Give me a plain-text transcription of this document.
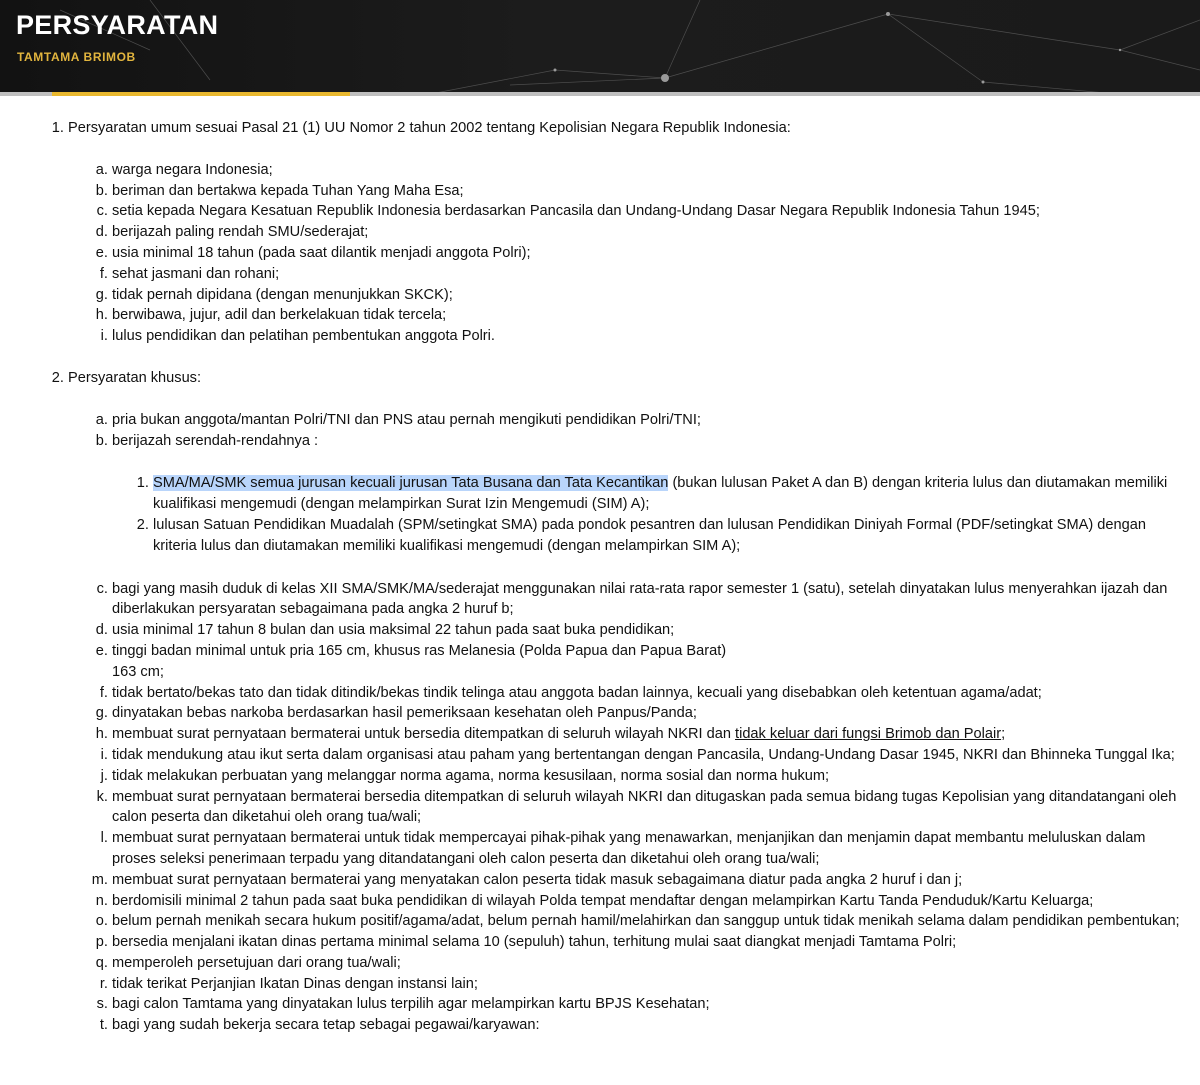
PERSYARATAN
TAMTAMA BRIMOB

1. Persyaratan umum sesuai Pasal 21 (1) UU Nomor 2 tahun 2002 tentang Kepolisian Negara Republik Indonesia:

a. warga negara Indonesia;
b. beriman dan bertakwa kepada Tuhan Yang Maha Esa;
c. setia kepada Negara Kesatuan Republik Indonesia berdasarkan Pancasila dan Undang-Undang Dasar Negara Republik Indonesia Tahun 1945;
d. berijazah paling rendah SMU/sederajat;
e. usia minimal 18 tahun (pada saat dilantik menjadi anggota Polri);
f. sehat jasmani dan rohani;
g. tidak pernah dipidana (dengan menunjukkan SKCK);
h. berwibawa, jujur, adil dan berkelakuan tidak tercela;
i. lulus pendidikan dan pelatihan pembentukan anggota Polri.

2. Persyaratan khusus:

a. pria bukan anggota/mantan Polri/TNI dan PNS atau pernah mengikuti pendidikan Polri/TNI;
b. berijazah serendah-rendahnya :
1. SMA/MA/SMK semua jurusan kecuali jurusan Tata Busana dan Tata Kecantikan (bukan lulusan Paket A dan B) dengan kriteria lulus dan diutamakan memiliki kualifikasi mengemudi (dengan melampirkan Surat Izin Mengemudi (SIM) A);
2. lulusan Satuan Pendidikan Muadalah (SPM/setingkat SMA) pada pondok pesantren dan lulusan Pendidikan Diniyah Formal (PDF/setingkat SMA) dengan kriteria lulus dan diutamakan memiliki kualifikasi mengemudi (dengan melampirkan SIM A);
c. bagi yang masih duduk di kelas XII SMA/SMK/MA/sederajat menggunakan nilai rata-rata rapor semester 1 (satu), setelah dinyatakan lulus menyerahkan ijazah dan diberlakukan persyaratan sebagaimana pada angka 2 huruf b;
d. usia minimal 17 tahun 8 bulan dan usia maksimal 22 tahun pada saat buka pendidikan;
e. tinggi badan minimal untuk pria 165 cm, khusus ras Melanesia (Polda Papua dan Papua Barat)
163 cm;
f. tidak bertato/bekas tato dan tidak ditindik/bekas tindik telinga atau anggota badan lainnya, kecuali yang disebabkan oleh ketentuan agama/adat;
g. dinyatakan bebas narkoba berdasarkan hasil pemeriksaan kesehatan oleh Panpus/Panda;
h. membuat surat pernyataan bermaterai untuk bersedia ditempatkan di seluruh wilayah NKRI dan tidak keluar dari fungsi Brimob dan Polair;
i. tidak mendukung atau ikut serta dalam organisasi atau paham yang bertentangan dengan Pancasila, Undang-Undang Dasar 1945, NKRI dan Bhinneka Tunggal Ika;
j. tidak melakukan perbuatan yang melanggar norma agama, norma kesusilaan, norma sosial dan norma hukum;
k. membuat surat pernyataan bermaterai bersedia ditempatkan di seluruh wilayah NKRI dan ditugaskan pada semua bidang tugas Kepolisian yang ditandatangani oleh calon peserta dan diketahui oleh orang tua/wali;
l. membuat surat pernyataan bermaterai untuk tidak mempercayai pihak-pihak yang menawarkan, menjanjikan dan menjamin dapat membantu meluluskan dalam proses seleksi penerimaan terpadu yang ditandatangani oleh calon peserta dan diketahui oleh orang tua/wali;
m. membuat surat pernyataan bermaterai yang menyatakan calon peserta tidak masuk sebagaimana diatur pada angka 2 huruf i dan j;
n. berdomisili minimal 2 tahun pada saat buka pendidikan di wilayah Polda tempat mendaftar dengan melampirkan Kartu Tanda Penduduk/Kartu Keluarga;
o. belum pernah menikah secara hukum positif/agama/adat, belum pernah hamil/melahirkan dan sanggup untuk tidak menikah selama dalam pendidikan pembentukan;
p. bersedia menjalani ikatan dinas pertama minimal selama 10 (sepuluh) tahun, terhitung mulai saat diangkat menjadi Tamtama Polri;
q. memperoleh persetujuan dari orang tua/wali;
r. tidak terikat Perjanjian Ikatan Dinas dengan instansi lain;
s. bagi calon Tamtama yang dinyatakan lulus terpilih agar melampirkan kartu BPJS Kesehatan;
t. bagi yang sudah bekerja secara tetap sebagai pegawai/karyawan:
